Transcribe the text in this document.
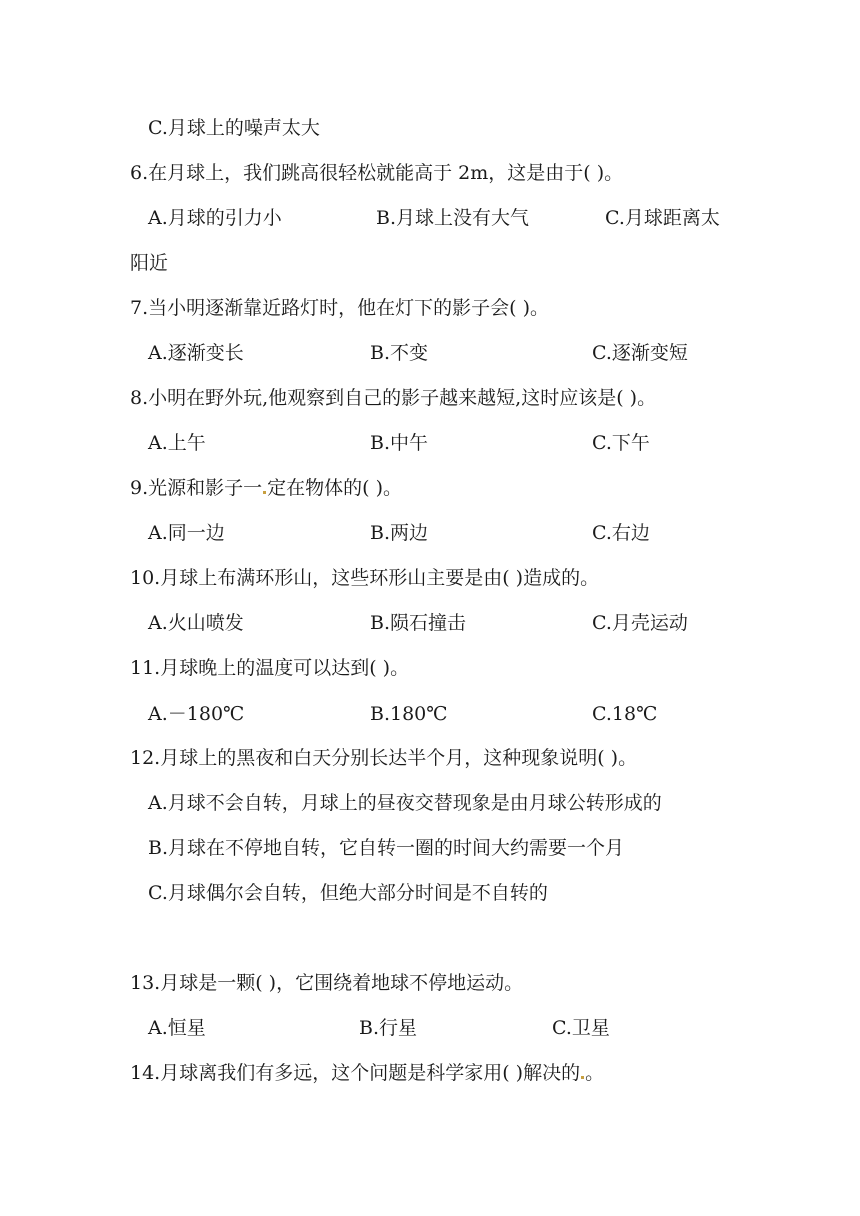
C.月球上的噪声太大
6.在月球上，我们跳高很轻松就能高于 2m，这是由于( )。
A.月球的引力小	B.月球上没有大气	C.月球距离太
阳近
7.当小明逐渐靠近路灯时，他在灯下的影子会( )。
A.逐渐变长	B.不变	C.逐渐变短
8.小明在野外玩,他观察到自己的影子越来越短,这时应该是( )。
A.上午	B.中午	C.下午
9.光源和影子一 定在物体的( )。
A.同一边	B.两边	C.右边
10.月球上布满环形山，这些环形山主要是由( )造成的。
A.火山喷发	B.陨石撞击	C.月壳运动
11.月球晚上的温度可以达到( )。
A.－180℃	B.180℃	C.18℃
12.月球上的黑夜和白天分别长达半个月，这种现象说明( )。
A.月球不会自转，月球上的昼夜交替现象是由月球公转形成的
B.月球在不停地自转，它自转一圈的时间大约需要一个月
C.月球偶尔会自转，但绝大部分时间是不自转的
13.月球是一颗( )，它围绕着地球不停地运动。
A.恒星	B.行星	C.卫星
14.月球离我们有多远，这个问题是科学家用( )解决的 。
